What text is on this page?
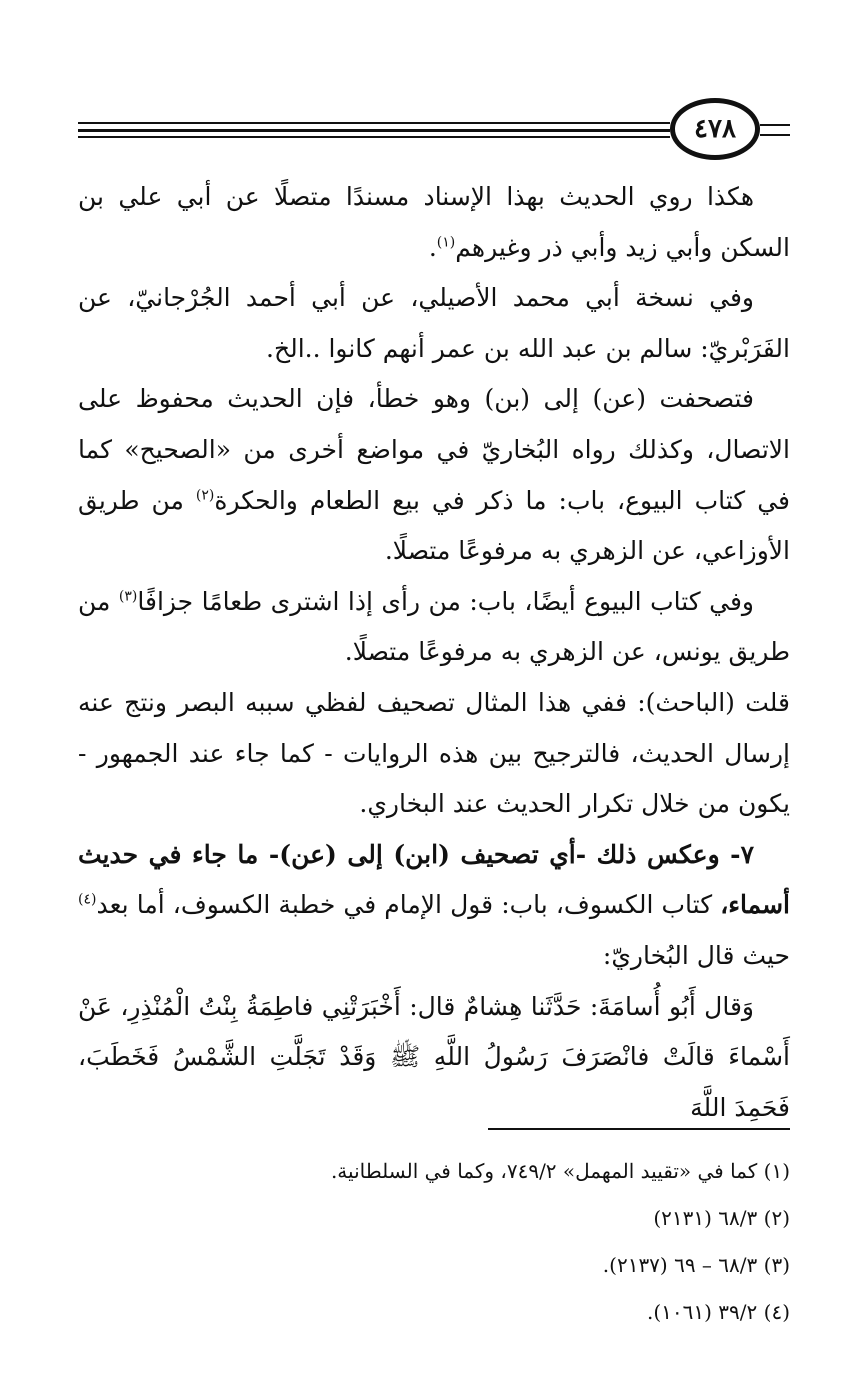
٤٧٨

هكذا روي الحديث بهذا الإسناد مسندًا متصلًا عن أبي علي بن السكن وأبي زيد وأبي ذر وغيرهم$^{(١)}$.

وفي نسخة أبي محمد الأصيلي، عن أبي أحمد الجُرْجانيّ، عن الفَرَبْريّ: سالم بن عبد الله بن عمر أنهم كانوا ..الخ.

فتصحفت (عن) إلى (بن) وهو خطأ، فإن الحديث محفوظ على الاتصال، وكذلك رواه البُخاريّ في مواضع أخرى من «الصحيح» كما في كتاب البيوع، باب: ما ذكر في بيع الطعام والحكرة$^{(٢)}$ من طريق الأوزاعي، عن الزهري به مرفوعًا متصلًا.

وفي كتاب البيوع أيضًا، باب: من رأى إذا اشترى طعامًا جزافًا$^{(٣)}$ من طريق يونس، عن الزهري به مرفوعًا متصلًا.

قلت (الباحث): ففي هذا المثال تصحيف لفظي سببه البصر ونتج عنه إرسال الحديث، فالترجيح بين هذه الروايات - كما جاء عند الجمهور - يكون من خلال تكرار الحديث عند البخاري.

٧- وعكس ذلك -أي تصحيف (ابن) إلى (عن)- ما جاء في حديث أسماء، كتاب الكسوف، باب: قول الإمام في خطبة الكسوف، أما بعد$^{(٤)}$ حيث قال البُخاريّ:

وَقال أَبُو أُسامَةَ: حَدَّثَنا هِشامٌ قال: أَخْبَرَتْنِي فاطِمَةُ بِنْتُ الْمُنْذِرِ، عَنْ أَسْماءَ قالَتْ فانْصَرَفَ رَسُولُ اللَّهِ ﷺ وَقَدْ تَجَلَّتِ الشَّمْسُ فَخَطَبَ، فَحَمِدَ اللَّهَ

(١) كما في «تقييد المهمل» ٧٤٩/٢، وكما في السلطانية.

(٢) ٦٨/٣ (٢١٣١)

(٣) ٦٨/٣ – ٦٩ (٢١٣٧).

(٤) ٣٩/٢ (١٠٦١).
